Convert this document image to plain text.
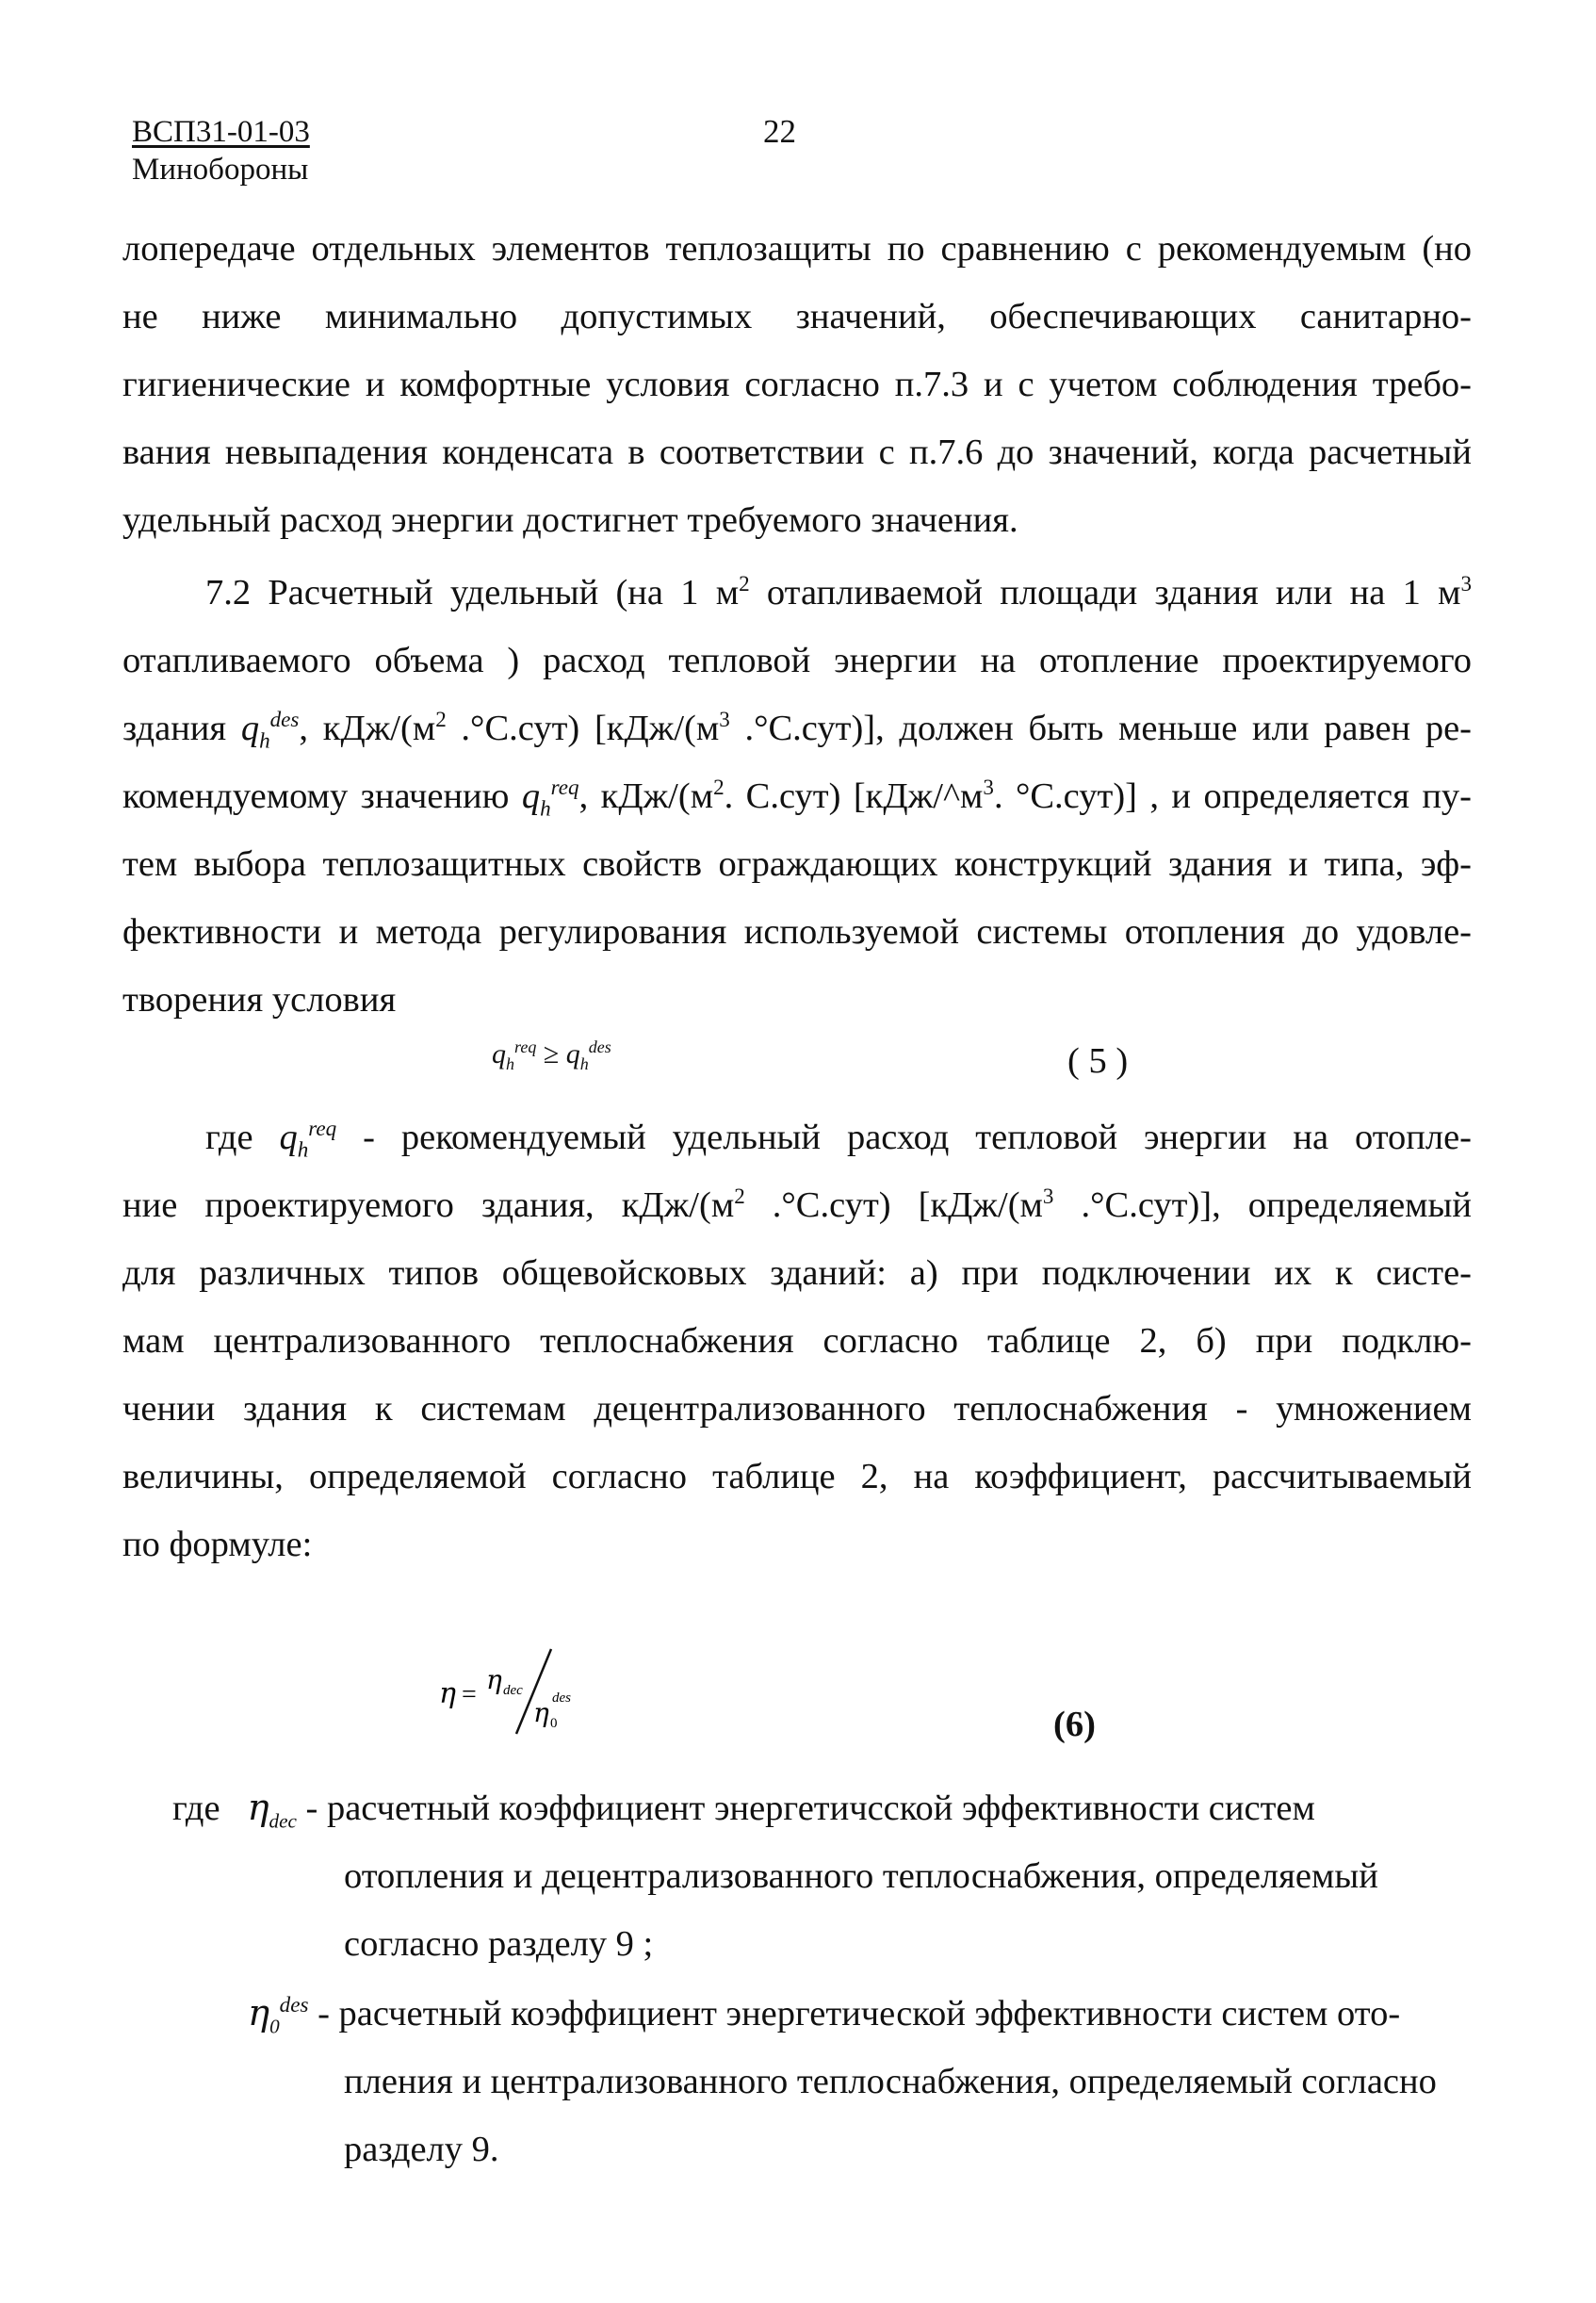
ВСП31-01-03
Минобороны
22
лопередаче отдельных элементов теплозащиты по сравнению с рекомендуемым (но
не ниже минимально допустимых значений, обеспечивающих санитарно-
гигиенические и комфортные условия согласно п.7.3 и с учетом соблюдения требо-
вания невыпадения конденсата в соответствии с п.7.6 до значений, когда расчетный
удельный расход энергии достигнет требуемого значения.
7.2 Расчетный удельный (на 1 $м^2$ отапливаемой площади здания или на 1 $м^3$
отапливаемого объема ) расход тепловой энергии на отопление проектируемого
здания $q_h^{des}$, кДж/($м^2$ .°С.сут) [$кДж/(м^3$ .°С.сут)], должен быть меньше или равен ре-
комендуемому значению $q_h^{req}$, кДж/($м^2$. С.сут) [$кДж/\^{}м^3$. °С.сут)] , и определяется пу-
тем выбора теплозащитных свойств ограждающих конструкций здания и типа, эф-
фективности и метода регулирования используемой системы отопления до удовле-
творения условия
$q_h^{req} \ge q_h^{des}$	( 5 )
где $q_h^{req}$ - рекомендуемый удельный расход тепловой энергии на отопле-
ние проектируемого здания, кДж/($м^2$ .°С.сут) [$кДж/(м^3$ .°С.сут)], определяемый
для различных типов общевойсковых зданий: а) при подключении их к систе-
мам централизованного теплоснабжения согласно таблице 2, б) при подклю-
чении здания к системам децентрализованного теплоснабжения - умножением
величины, определяемой согласно таблице 2, на коэффициент, рассчитываемый
по формуле:
η = η dec
η 0
des
(6)
где $\eta_{dec}$ - расчетный коэффициент энергетичсской эффективности систем
отопления и децентрализованного теплоснабжения, определяемый
согласно разделу 9 ;
$\eta_0^{des}$ - расчетный коэффициент энергетической эффективности систем ото-
пления и централизованного теплоснабжения, определяемый согласно
разделу 9.
